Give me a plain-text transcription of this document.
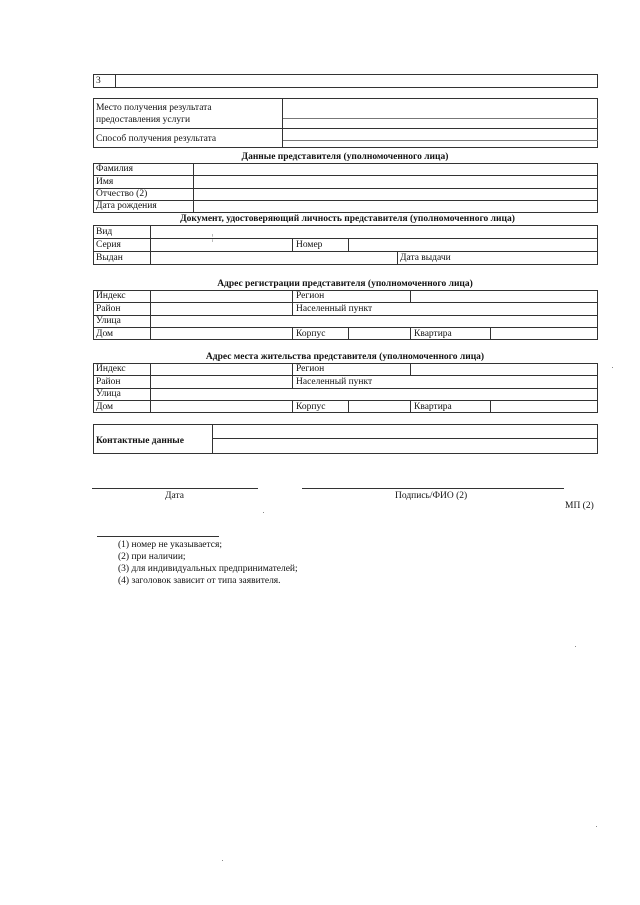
3
Место получения результата предоставления услуги
Способ получения результата
Данные представителя (уполномоченного лица)
Фамилия
Имя
Отчество (2)
Дата рождения
Документ, удостоверяющий личность представителя (уполномоченного лица)
Вид
Серия	Номер
Выдан	Дата выдачи
¦
Адрес регистрации представителя (уполномоченного лица)
Индекс	Регион
Район	Населенный пункт
Улица
Дом	Корпус	Квартира
Адрес места жительства представителя (уполномоченного лица)
Индекс	Регион
Район	Населенный пункт
Улица
Дом	Корпус	Квартира
Контактные данные
Дата	Подпись/ФИО (2)
МП (2)
(1) номер не указывается;
(2) при наличии;
(3) для индивидуальных предпринимателей;
(4) заголовок зависит от типа заявителя.
